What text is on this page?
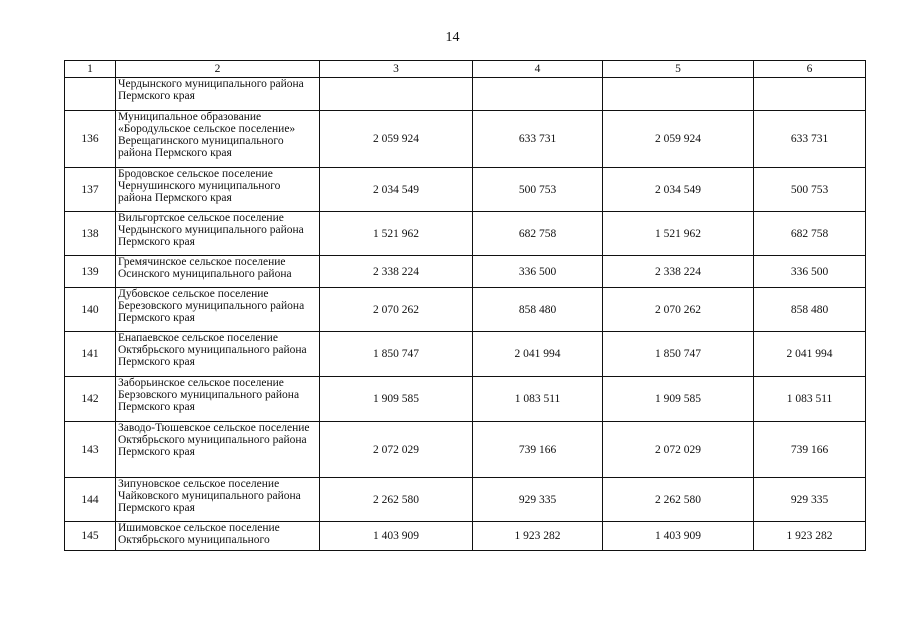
14
1	2	3	4	5	6
	Чердынского муниципального района Пермского края				
136	Муниципальное образование «Бородульское сельское поселение» Верещагинского муниципального района Пермского края	2 059 924	633 731	2 059 924	633 731
137	Бродовское сельское поселение Чернушинского муниципального района Пермского края	2 034 549	500 753	2 034 549	500 753
138	Вильгортское сельское поселение Чердынского муниципального района Пермского края	1 521 962	682 758	1 521 962	682 758
139	Гремячинское сельское поселение Осинского муниципального района	2 338 224	336 500	2 338 224	336 500
140	Дубовское сельское поселение Березовского муниципального района Пермского края	2 070 262	858 480	2 070 262	858 480
141	Енапаевское сельское поселение Октябрьского муниципального района Пермского края	1 850 747	2 041 994	1 850 747	2 041 994
142	Заборьинское сельское поселение Берзовского муниципального района Пермского края	1 909 585	1 083 511	1 909 585	1 083 511
143	Заводо-Тюшевское сельское поселение Октябрьского муниципального района Пермского края	2 072 029	739 166	2 072 029	739 166
144	Зипуновское сельское поселение Чайковского муниципального района Пермского края	2 262 580	929 335	2 262 580	929 335
145	Ишимовское сельское поселение Октябрьского муниципального	1 403 909	1 923 282	1 403 909	1 923 282
